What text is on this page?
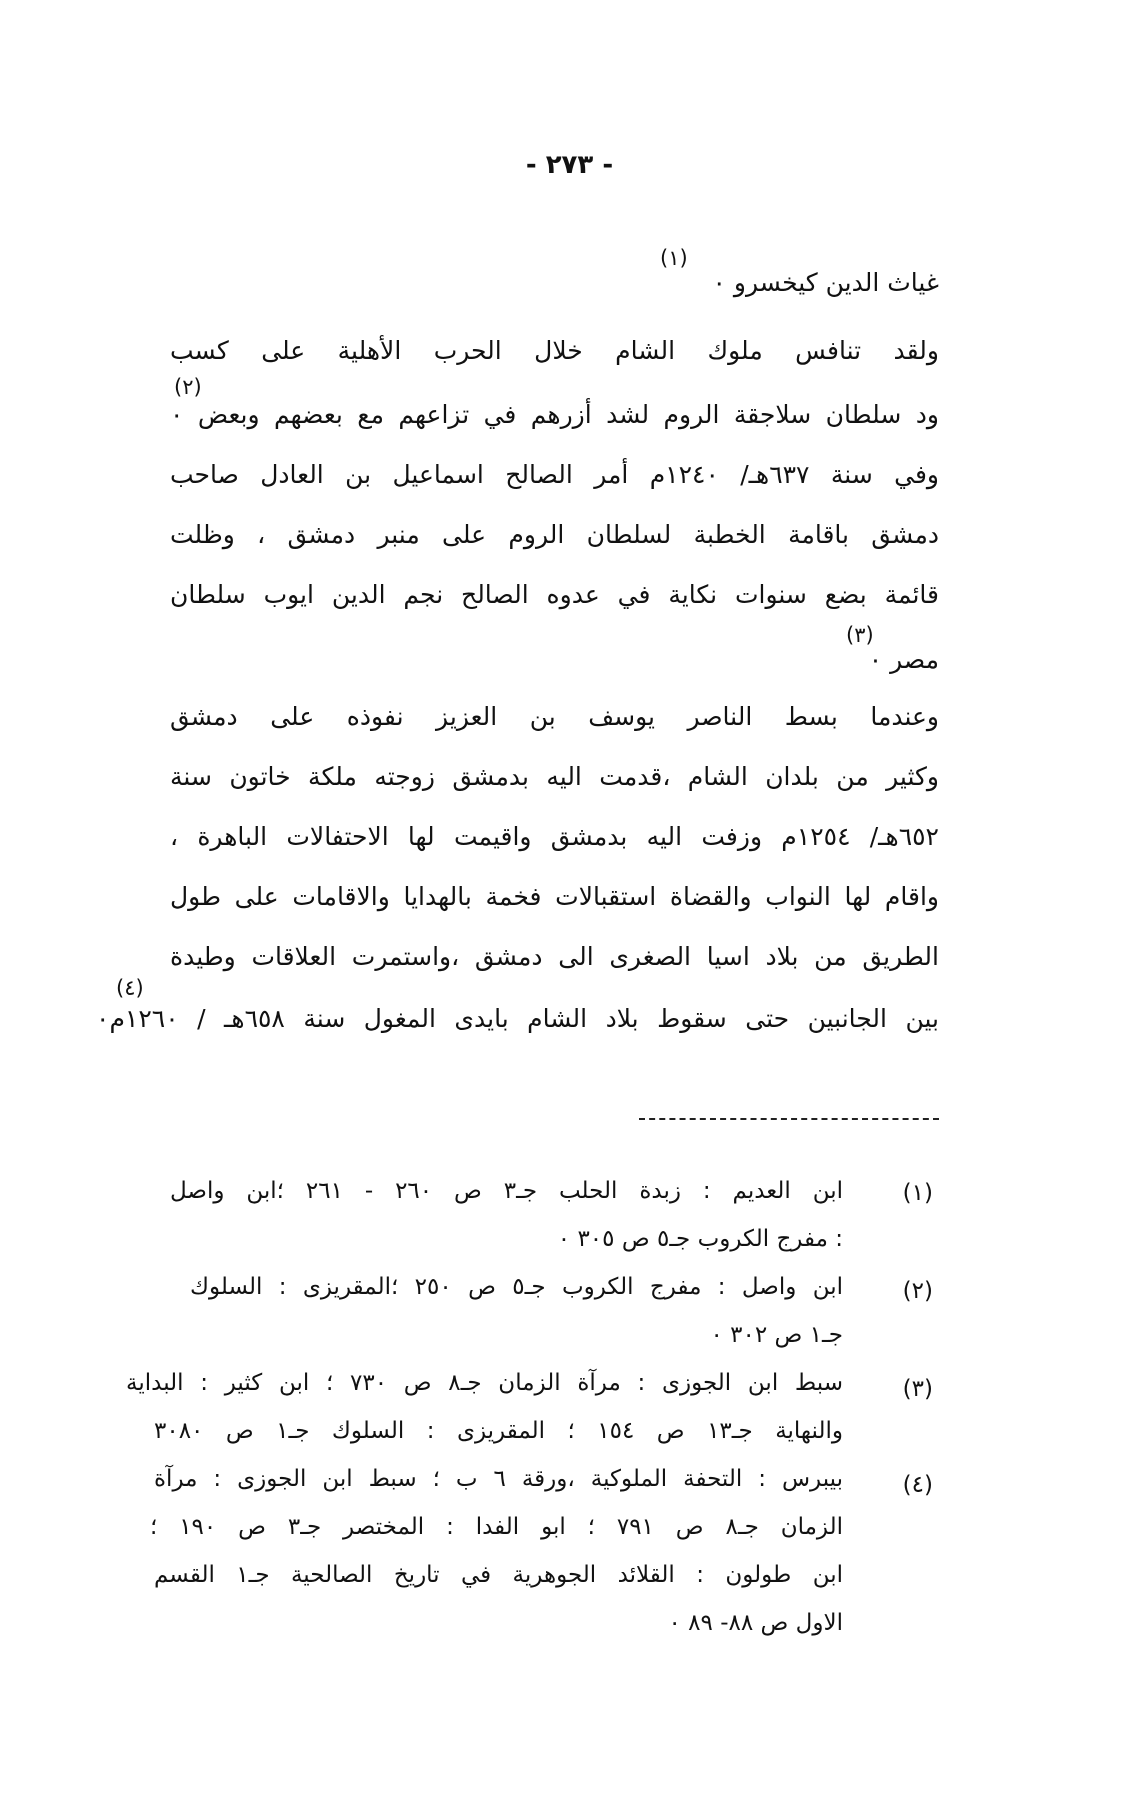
- ٢٧٣ -
غياث الدين كيخسرو ٠
(١)
ولقد تنافس ملوك الشام خلال الحرب الأهلية على كسب
ود سلطان سلاجقة الروم لشد أزرهم في تزاعهم مع بعضهم وبعض ٠
(٢)
وفي سنة ٦٣٧هـ/ ١٢٤٠م أمر الصالح اسماعيل بن العادل صاحب
دمشق باقامة الخطبة لسلطان الروم على منبر دمشق ، وظلت
قائمة بضع سنوات نكاية في عدوه الصالح نجم الدين ايوب سلطان
(٣)
مصر ٠
وعندما بسط الناصر يوسف بن العزيز نفوذه على دمشق
وكثير من بلدان الشام ،قدمت اليه بدمشق زوجته ملكة خاتون سنة
٦٥٢هـ/ ١٢٥٤م وزفت اليه بدمشق واقيمت لها الاحتفالات الباهرة ،
واقام لها النواب والقضاة استقبالات فخمة بالهدايا والاقامات على طول
الطريق من بلاد اسيا الصغرى الى دمشق ،واستمرت العلاقات وطيدة
(٤)
بين الجانبين حتى سقوط بلاد الشام بايدى المغول سنة ٦٥٨هـ / ١٢٦٠م٠
(١)
ابن العديم : زبدة الحلب جـ٣ ص ٢٦٠ - ٢٦١ ؛ابن واصل
: مفرج الكروب جـ٥ ص ٣٠٥ ٠
(٢)
ابن واصل : مفرج الكروب جـ٥ ص ٢٥٠ ؛المقريزى : السلوك
جـ١ ص ٣٠٢ ٠
(٣)
سبط ابن الجوزى : مرآة الزمان جـ٨ ص ٧٣٠ ؛ ابن كثير : البداية
والنهاية جـ١٣ ص ١٥٤ ؛ المقريزى : السلوك جـ١ ص ٣٠٨٠
(٤)
بيبرس : التحفة الملوكية ،ورقة ٦ ب ؛ سبط ابن الجوزى : مرآة
الزمان جـ٨ ص ٧٩١ ؛ ابو الفدا : المختصر جـ٣ ص ١٩٠ ؛
ابن طولون : القلائد الجوهرية في تاريخ الصالحية جـ١ القسم
الاول ص ٨٨- ٨٩ ٠
